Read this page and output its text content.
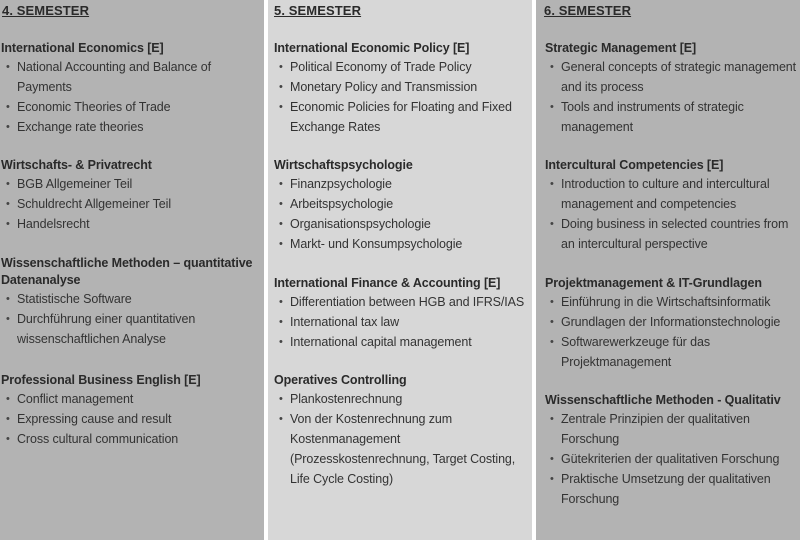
4. SEMESTER
International Economics [E]
• National Accounting and Balance of Payments
• Economic Theories of Trade
• Exchange rate theories
Wirtschafts- & Privatrecht
• BGB Allgemeiner Teil
• Schuldrecht Allgemeiner Teil
• Handelsrecht
Wissenschaftliche Methoden – quantitative Datenanalyse
• Statistische Software
• Durchführung einer quantitativen wissenschaftlichen Analyse
Professional Business English [E]
• Conflict management
• Expressing cause and result
• Cross cultural communication
5. SEMESTER
International Economic Policy [E]
• Political Economy of Trade Policy
• Monetary Policy and Transmission
• Economic Policies for Floating and Fixed Exchange Rates
Wirtschaftspsychologie
• Finanzpsychologie
• Arbeitspsychologie
• Organisationspsychologie
• Markt- und Konsumpsychologie
International Finance & Accounting [E]
• Differentiation between HGB and IFRS/IAS
• International tax law
• International capital management
Operatives Controlling
• Plankostenrechnung
• Von der Kostenrechnung zum Kostenmanagement (Prozesskostenrechnung, Target Costing, Life Cycle Costing)
6. SEMESTER
Strategic Management [E]
• General concepts of strategic management and its process
• Tools and instruments of strategic management
Intercultural Competencies [E]
• Introduction to culture and intercultural management and competencies
• Doing business in selected countries from an intercultural perspective
Projektmanagement & IT-Grundlagen
• Einführung in die Wirtschaftsinformatik
• Grundlagen der Informationstechnologie
• Softwarewerkzeuge für das Projektmanagement
Wissenschaftliche Methoden - Qualitativ
• Zentrale Prinzipien der qualitativen Forschung
• Gütekriterien der qualitativen Forschung
• Praktische Umsetzung der qualitativen Forschung
